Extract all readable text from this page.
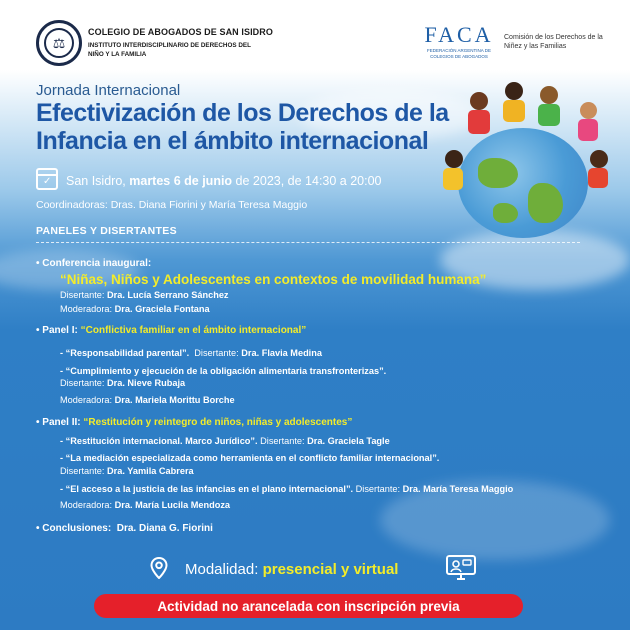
⚖
COLEGIO DE ABOGADOS DE SAN ISIDRO
INSTITUTO INTERDISCIPLINARIO DE DERECHOS DEL NIÑO Y LA FAMILIA
FACA
FEDERACIÓN ARGENTINA DE COLEGIOS DE ABOGADOS
Comisión de los Derechos de la Niñez y las Familias
Jornada Internacional
Efectivización de los Derechos de la Infancia en el ámbito internacional
✓ San Isidro, martes 6 de junio de 2023, de 14:30 a 20:00
Coordinadoras: Dras. Diana Fiorini y María Teresa Maggio
PANELES Y DISERTANTES
• Conferencia inaugural:
“Niñas, Niños y Adolescentes en contextos de movilidad humana”
Disertante: Dra. Lucía Serrano Sánchez
Moderadora: Dra. Graciela Fontana
• Panel I: “Conflictiva familiar en el ámbito internacional”
- “Responsabilidad parental”. Disertante: Dra. Flavia Medina
- “Cumplimiento y ejecución de la obligación alimentaria transfronterizas”.
Disertante: Dra. Nieve Rubaja
Moderadora: Dra. Mariela Morittu Borche
• Panel II: “Restitución y reintegro de niños, niñas y adolescentes”
- “Restitución internacional. Marco Jurídico”. Disertante: Dra. Graciela Tagle
- “La mediación especializada como herramienta en el conflicto familiar internacional”.
Disertante: Dra. Yamila Cabrera
- “El acceso a la justicia de las infancias en el plano internacional”. Disertante: Dra. María Teresa Maggio
Moderadora: Dra. María Lucila Mendoza
• Conclusiones: Dra. Diana G. Fiorini
Modalidad: presencial y virtual
Actividad no arancelada con inscripción previa
